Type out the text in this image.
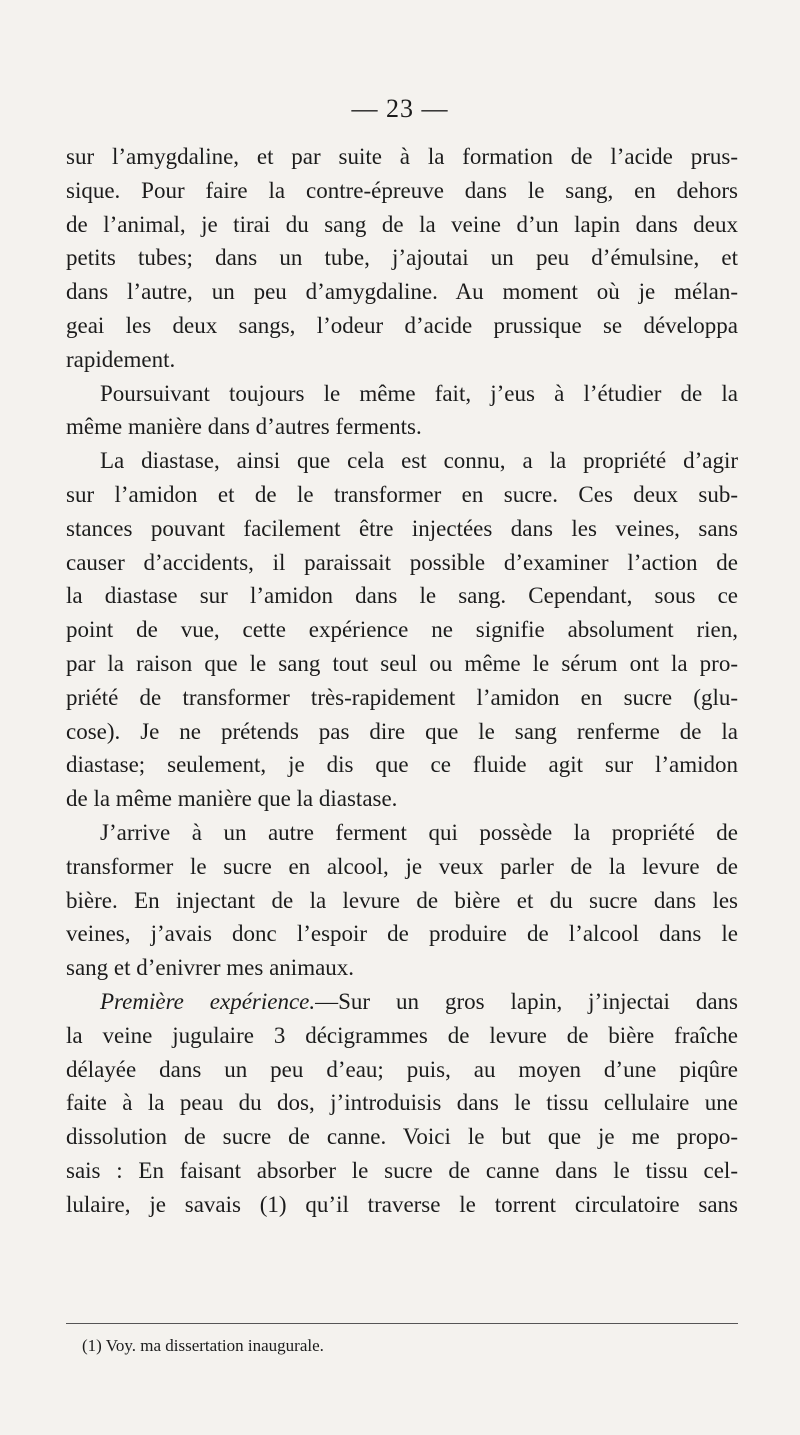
— 23 —
sur l’amygdaline, et par suite à la formation de l’acide prus-
sique. Pour faire la contre-épreuve dans le sang, en dehors
de l’animal, je tirai du sang de la veine d’un lapin dans deux
petits tubes; dans un tube, j’ajoutai un peu d’émulsine, et
dans l’autre, un peu d’amygdaline. Au moment où je mélan-
geai les deux sangs, l’odeur d’acide prussique se développa
rapidement.
Poursuivant toujours le même fait, j’eus à l’étudier de la
même manière dans d’autres ferments.
La diastase, ainsi que cela est connu, a la propriété d’agir
sur l’amidon et de le transformer en sucre. Ces deux sub-
stances pouvant facilement être injectées dans les veines, sans
causer d’accidents, il paraissait possible d’examiner l’action de
la diastase sur l’amidon dans le sang. Cependant, sous ce
point de vue, cette expérience ne signifie absolument rien,
par la raison que le sang tout seul ou même le sérum ont la pro-
priété de transformer très-rapidement l’amidon en sucre (glu-
cose). Je ne prétends pas dire que le sang renferme de la
diastase; seulement, je dis que ce fluide agit sur l’amidon
de la même manière que la diastase.
J’arrive à un autre ferment qui possède la propriété de
transformer le sucre en alcool, je veux parler de la levure de
bière. En injectant de la levure de bière et du sucre dans les
veines, j’avais donc l’espoir de produire de l’alcool dans le
sang et d’enivrer mes animaux.
Première expérience.—Sur un gros lapin, j’injectai dans
la veine jugulaire 3 décigrammes de levure de bière fraîche
délayée dans un peu d’eau; puis, au moyen d’une piqûre
faite à la peau du dos, j’introduisis dans le tissu cellulaire une
dissolution de sucre de canne. Voici le but que je me propo-
sais : En faisant absorber le sucre de canne dans le tissu cel-
lulaire, je savais (1) qu’il traverse le torrent circulatoire sans
(1) Voy. ma dissertation inaugurale.
